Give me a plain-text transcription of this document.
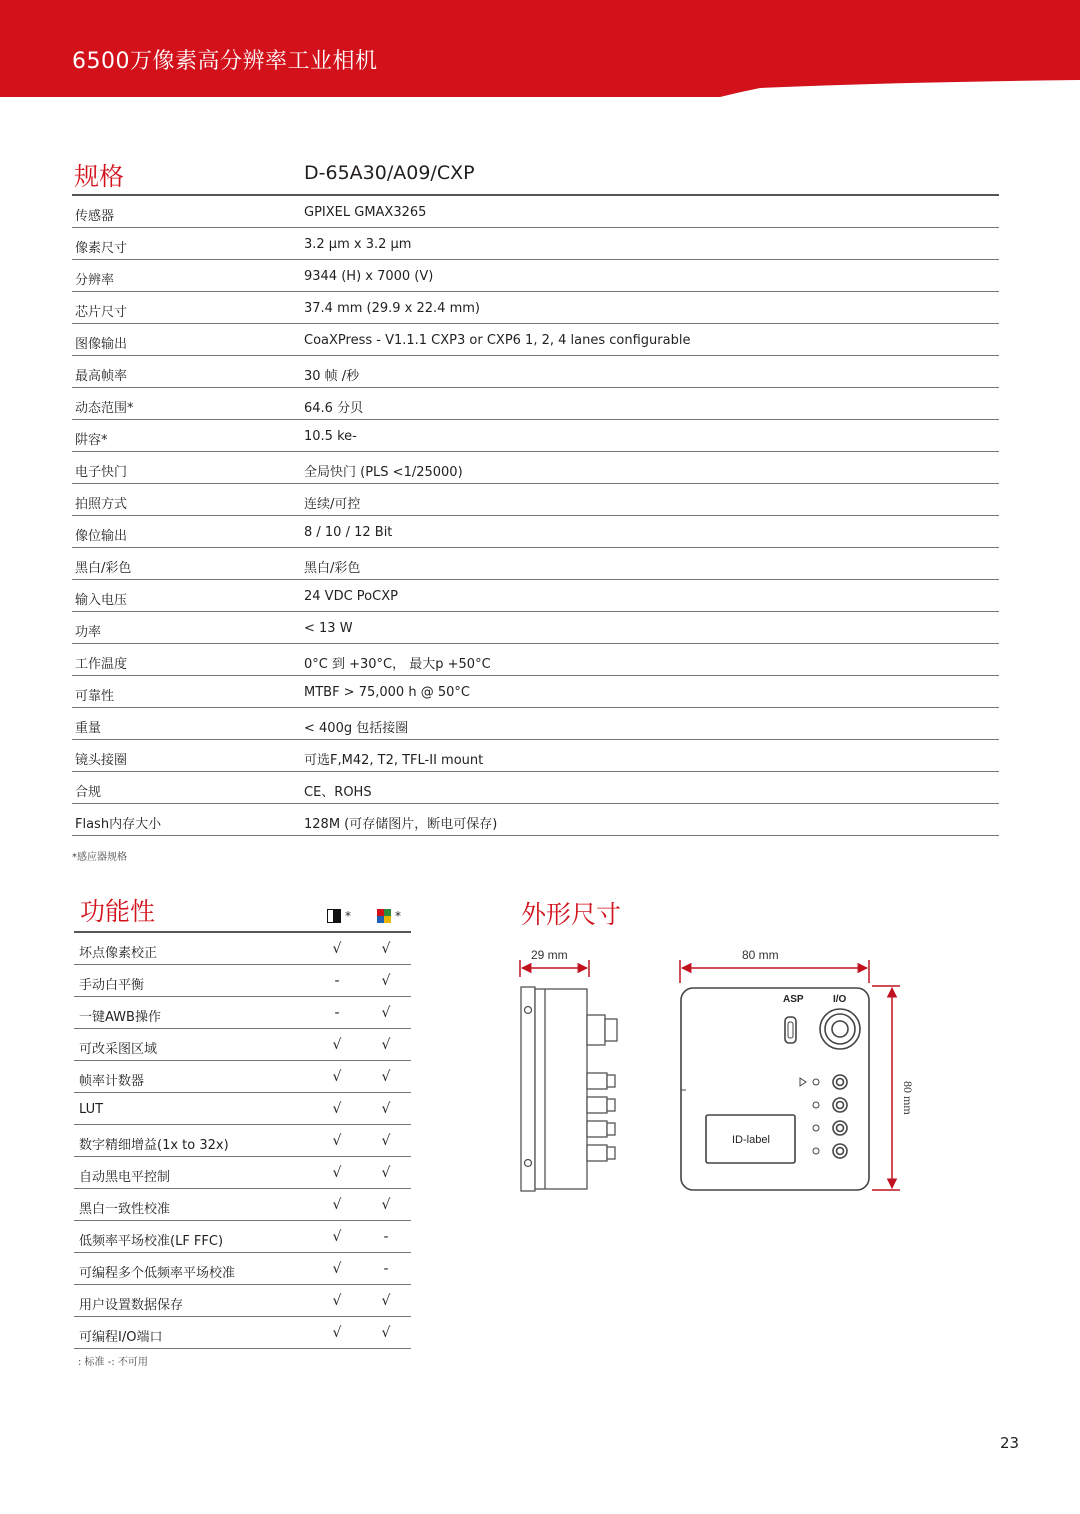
6500万像素高分辨率工业相机
规格	D-65A30/A09/CXP
传感器	GPIXEL GMAX3265
像素尺寸	3.2 µm x 3.2 µm
分辨率	9344 (H) x 7000 (V)
芯片尺寸	37.4 mm (29.9 x 22.4 mm)
图像输出	CoaXPress - V1.1.1 CXP3 or CXP6 1, 2, 4 lanes configurable
最高帧率	30 帧 /秒
动态范围*	64.6 分贝
阱容*	10.5 ke-
电子快门	全局快门 (PLS <1/25000)
拍照方式	连续/可控
像位输出	8 / 10 / 12 Bit
黑白/彩色	黑白/彩色
输入电压	24 VDC PoCXP
功率	< 13 W
工作温度	0°C 到 +30°C， 最大p +50°C
可靠性	MTBF > 75,000 h @ 50°C
重量	< 400g 包括接圈
镜头接圈	可选F,M42, T2, TFL-II mount
合规	CE、ROHS
Flash内存大小	128M (可存储图片，断电可保存)
*感应器规格
功能性	*	*
坏点像素校正	√	√
手动白平衡	-	√
一键AWB操作	-	√
可改采图区域	√	√
帧率计数器	√	√
LUT	√	√
数字精细增益(1x to 32x)	√	√
自动黑电平控制	√	√
黑白一致性校准	√	√
低频率平场校准(LF FFC)	√	-
可编程多个低频率平场校准	√	-
用户设置数据保存	√	√
可编程I/O端口	√	√
: 标准 -: 不可用
外形尺寸
29 mm	80 mm
80 mm
ASP	I/O
ID-label
23
